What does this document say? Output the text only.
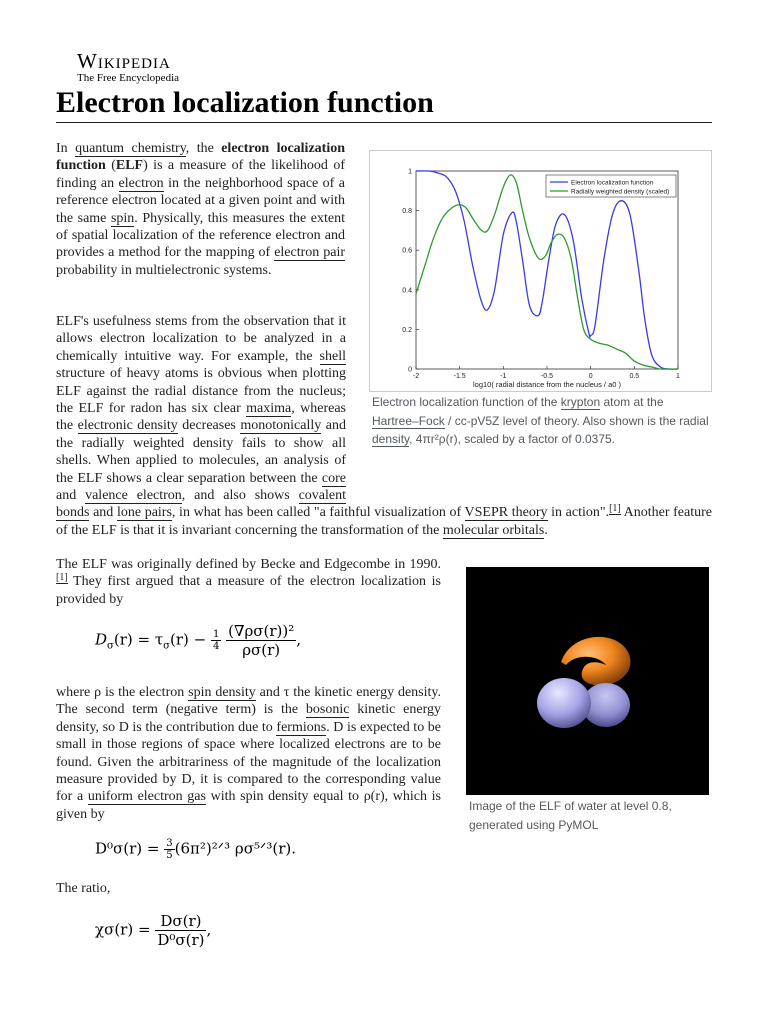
Wikipedia
The Free Encyclopedia
Electron localization function

In quantum chemistry, the electron localization function (ELF) is a measure of the likelihood of finding an electron in the neighborhood space of a reference electron located at a given point and with the same spin. Physically, this measures the extent of spatial localization of the reference electron and provides a method for the mapping of electron pair probability in multielectronic systems.

-2	-1.5	-1	-0.5	0	0.5	1
0
0.2
0.4
0.6
0.8
1
log10( radial distance from the nucleus / a0 )
Electron localization function
Radially weighted density (scaled)
Electron localization function of the krypton atom at the Hartree–Fock / cc-pV5Z level of theory. Also shown is the radial density, 4πr²ρ(r), scaled by a factor of 0.0375.
ELF's usefulness stems from the observation that it allows electron localization to be analyzed in a chemically intuitive way. For example, the shell structure of heavy atoms is obvious when plotting ELF against the radial distance from the nucleus; the ELF for radon has six clear maxima, whereas the electronic density decreases monotonically and the radially weighted density fails to show all shells. When applied to molecules, an analysis of the ELF shows a clear separation between the core and valence electron, and also shows covalent bonds and lone pairs, in what has been called "a faithful visualization of VSEPR theory in action".[1] Another feature of the ELF is that it is invariant concerning the transformation of the molecular orbitals.

The ELF was originally defined by Becke and Edgecombe in 1990.[1] They first argued that a measure of the electron localization is provided by

$D_\sigma(r) = \tau_\sigma(r) - \frac{1}{4}$
$\frac{\text{(∇ρσ(r))²}}{\rho\sigma(r)}$ ,

where ρ is the electron spin density and τ the kinetic energy density. The second term (negative term) is the bosonic kinetic energy density, so D is the contribution due to fermions. D is expected to be small in those regions of space where localized electrons are to be found. Given the arbitrariness of the magnitude of the localization measure provided by D, it is compared to the corresponding value for a uniform electron gas with spin density equal to ρ(r), which is given by

Image of the ELF of water at level 0.8, generated using PyMOL
$D^0\sigma(r) = \frac{3}{5}$ (6π²)²ᐟ³ ρσ⁵ᐟ³(r).

The ratio,

$\chi\sigma(r) = \frac{D\sigma(r)}{\text{D⁰σ(r)}}$ ,
